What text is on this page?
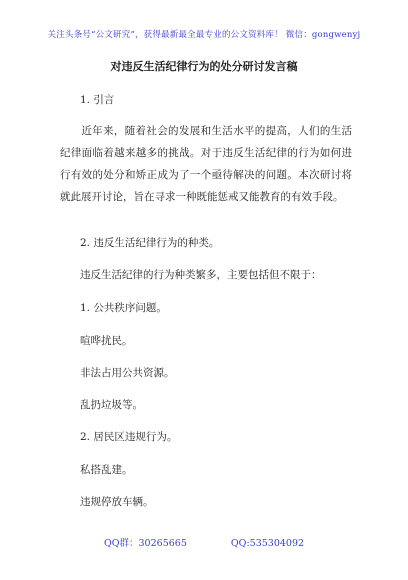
关注头条号“公文研究”，获得最新最全最专业的公文资料库！ 微信：gongwenyj
对违反生活纪律行为的处分研讨发言稿
1. 引言
近年来，随着社会的发展和生活水平的提高，人们的生活纪律面临着越来越多的挑战。对于违反生活纪律的行为如何进行有效的处分和矫正成为了一个亟待解决的问题。本次研讨将就此展开讨论，旨在寻求一种既能惩戒又能教育的有效手段。
2. 违反生活纪律行为的种类。
违反生活纪律的行为种类繁多，主要包括但不限于：
1. 公共秩序问题。
喧哗扰民。
非法占用公共资源。
乱扔垃圾等。
2. 居民区违规行为。
私搭乱建。
违规停放车辆。
QQ群：30265665	QQ:535304092
